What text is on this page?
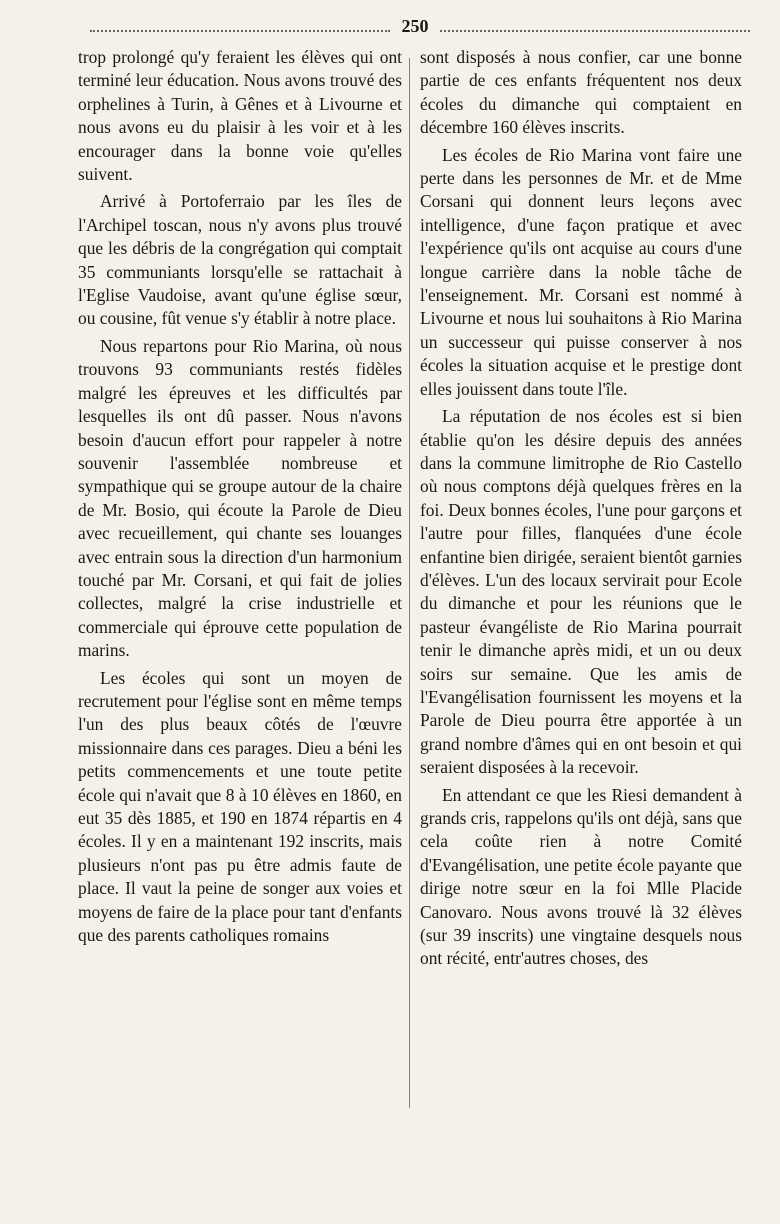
250

trop prolongé qu'y feraient les élèves qui ont terminé leur éducation. Nous avons trouvé des orphelines à Turin, à Gênes et à Livourne et nous avons eu du plaisir à les voir et à les encourager dans la bonne voie qu'elles suivent.

Arrivé à Portoferraio par les îles de l'Archipel toscan, nous n'y avons plus trouvé que les débris de la congrégation qui comptait 35 communiants lorsqu'elle se rattachait à l'Eglise Vaudoise, avant qu'une église sœur, ou cousine, fût venue s'y établir à notre place.

Nous repartons pour Rio Marina, où nous trouvons 93 communiants restés fidèles malgré les épreuves et les difficultés par lesquelles ils ont dû passer. Nous n'avons besoin d'aucun effort pour rappeler à notre souvenir l'assemblée nombreuse et sympathique qui se groupe autour de la chaire de Mr. Bosio, qui écoute la Parole de Dieu avec recueillement, qui chante ses louanges avec entrain sous la direction d'un harmonium touché par Mr. Corsani, et qui fait de jolies collectes, malgré la crise industrielle et commerciale qui éprouve cette population de marins.

Les écoles qui sont un moyen de recrutement pour l'église sont en même temps l'un des plus beaux côtés de l'œuvre missionnaire dans ces parages. Dieu a béni les petits commencements et une toute petite école qui n'avait que 8 à 10 élèves en 1860, en eut 35 dès 1885, et 190 en 1874 répartis en 4 écoles. Il y en a maintenant 192 inscrits, mais plusieurs n'ont pas pu être admis faute de place. Il vaut la peine de songer aux voies et moyens de faire de la place pour tant d'enfants que des parents catholiques romains

sont disposés à nous confier, car une bonne partie de ces enfants fréquentent nos deux écoles du dimanche qui comptaient en décembre 160 élèves inscrits.

Les écoles de Rio Marina vont faire une perte dans les personnes de Mr. et de Mme Corsani qui donnent leurs leçons avec intelligence, d'une façon pratique et avec l'expérience qu'ils ont acquise au cours d'une longue carrière dans la noble tâche de l'enseignement. Mr. Corsani est nommé à Livourne et nous lui souhaitons à Rio Marina un successeur qui puisse conserver à nos écoles la situation acquise et le prestige dont elles jouissent dans toute l'île.

La réputation de nos écoles est si bien établie qu'on les désire depuis des années dans la commune limitrophe de Rio Castello où nous comptons déjà quelques frères en la foi. Deux bonnes écoles, l'une pour garçons et l'autre pour filles, flanquées d'une école enfantine bien dirigée, seraient bientôt garnies d'élèves. L'un des locaux servirait pour Ecole du dimanche et pour les réunions que le pasteur évangéliste de Rio Marina pourrait tenir le dimanche après midi, et un ou deux soirs sur semaine. Que les amis de l'Evangélisation fournissent les moyens et la Parole de Dieu pourra être apportée à un grand nombre d'âmes qui en ont besoin et qui seraient disposées à la recevoir.

En attendant ce que les Riesi demandent à grands cris, rappelons qu'ils ont déjà, sans que cela coûte rien à notre Comité d'Evangélisation, une petite école payante que dirige notre sœur en la foi Mlle Placide Canovaro. Nous avons trouvé là 32 élèves (sur 39 inscrits) une vingtaine desquels nous ont récité, entr'autres choses, des
